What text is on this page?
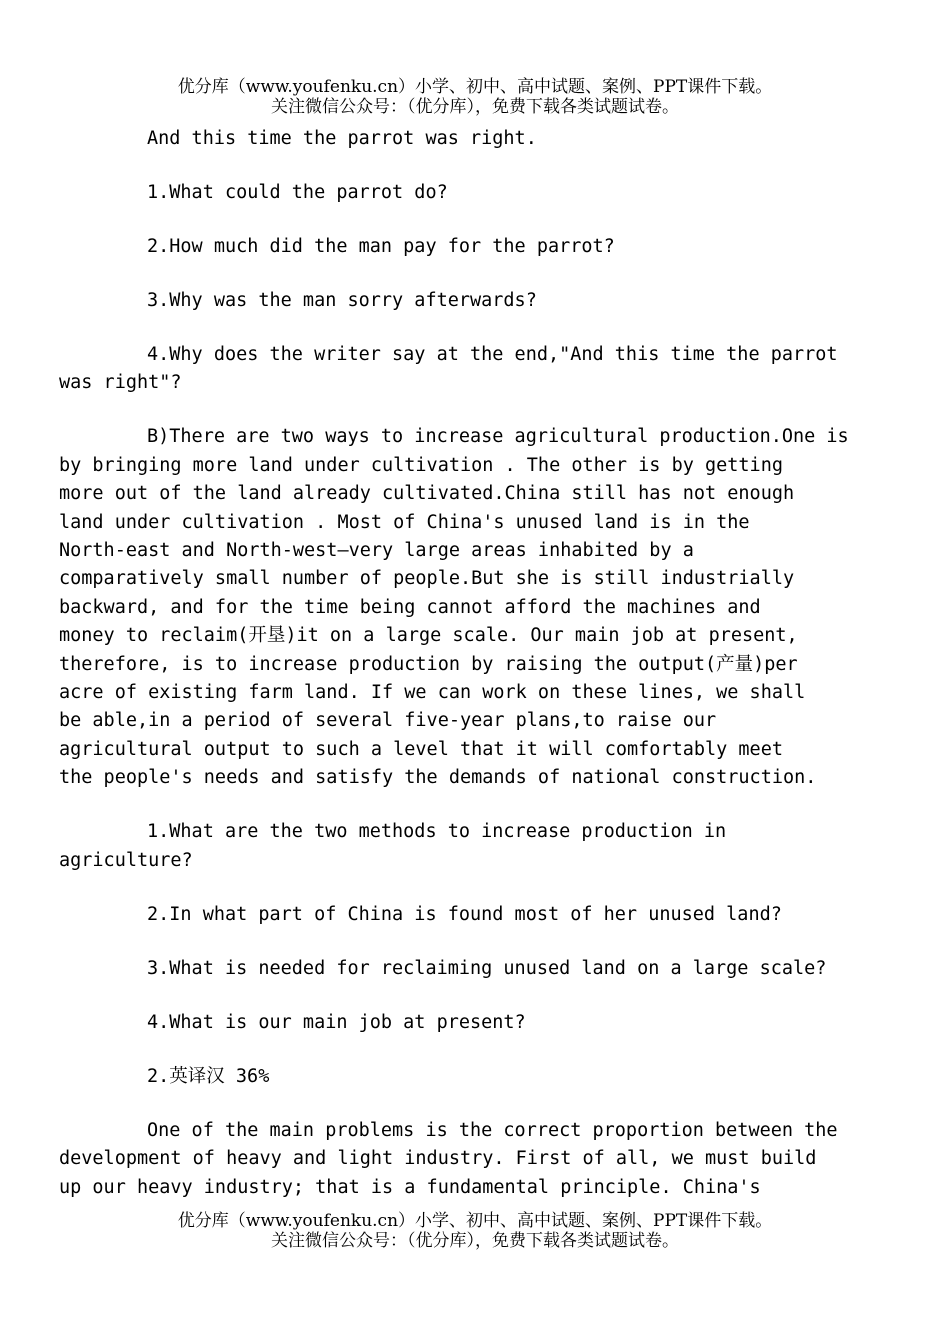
优分库（www.youfenku.cn）小学、初中、高中试题、案例、PPT课件下载。
关注微信公众号：（优分库），免费下载各类试题试卷。

And this time the parrot was right.

1.What could the parrot do?

2.How much did the man pay for the parrot?

3.Why was the man sorry afterwards?

4.Why does the writer say at the end,"And this time the parrot
was right"?

B)There are two ways to increase agricultural production.One is
by bringing more land under cultivation . The other is by getting
more out of the land already cultivated.China still has not enough
land under cultivation . Most of China's unused land is in the
North-east and North-west—very large areas inhabited by a
comparatively small number of people.But she is still industrially
backward, and for the time being cannot afford the machines and
money to reclaim(开垦)it on a large scale. Our main job at present,
therefore, is to increase production by raising the output(产量)per
acre of existing farm land. If we can work on these lines, we shall
be able,in a period of several five-year plans,to raise our
agricultural output to such a level that it will comfortably meet
the people's needs and satisfy the demands of national construction.

1.What are the two methods to increase production in
agriculture?

2.In what part of China is found most of her unused land?

3.What is needed for reclaiming unused land on a large scale?

4.What is our main job at present?

2.英译汉 36%

One of the main problems is the correct proportion between the
development of heavy and light industry. First of all, we must build
up our heavy industry; that is a fundamental principle. China's

优分库（www.youfenku.cn）小学、初中、高中试题、案例、PPT课件下载。
关注微信公众号：（优分库），免费下载各类试题试卷。
